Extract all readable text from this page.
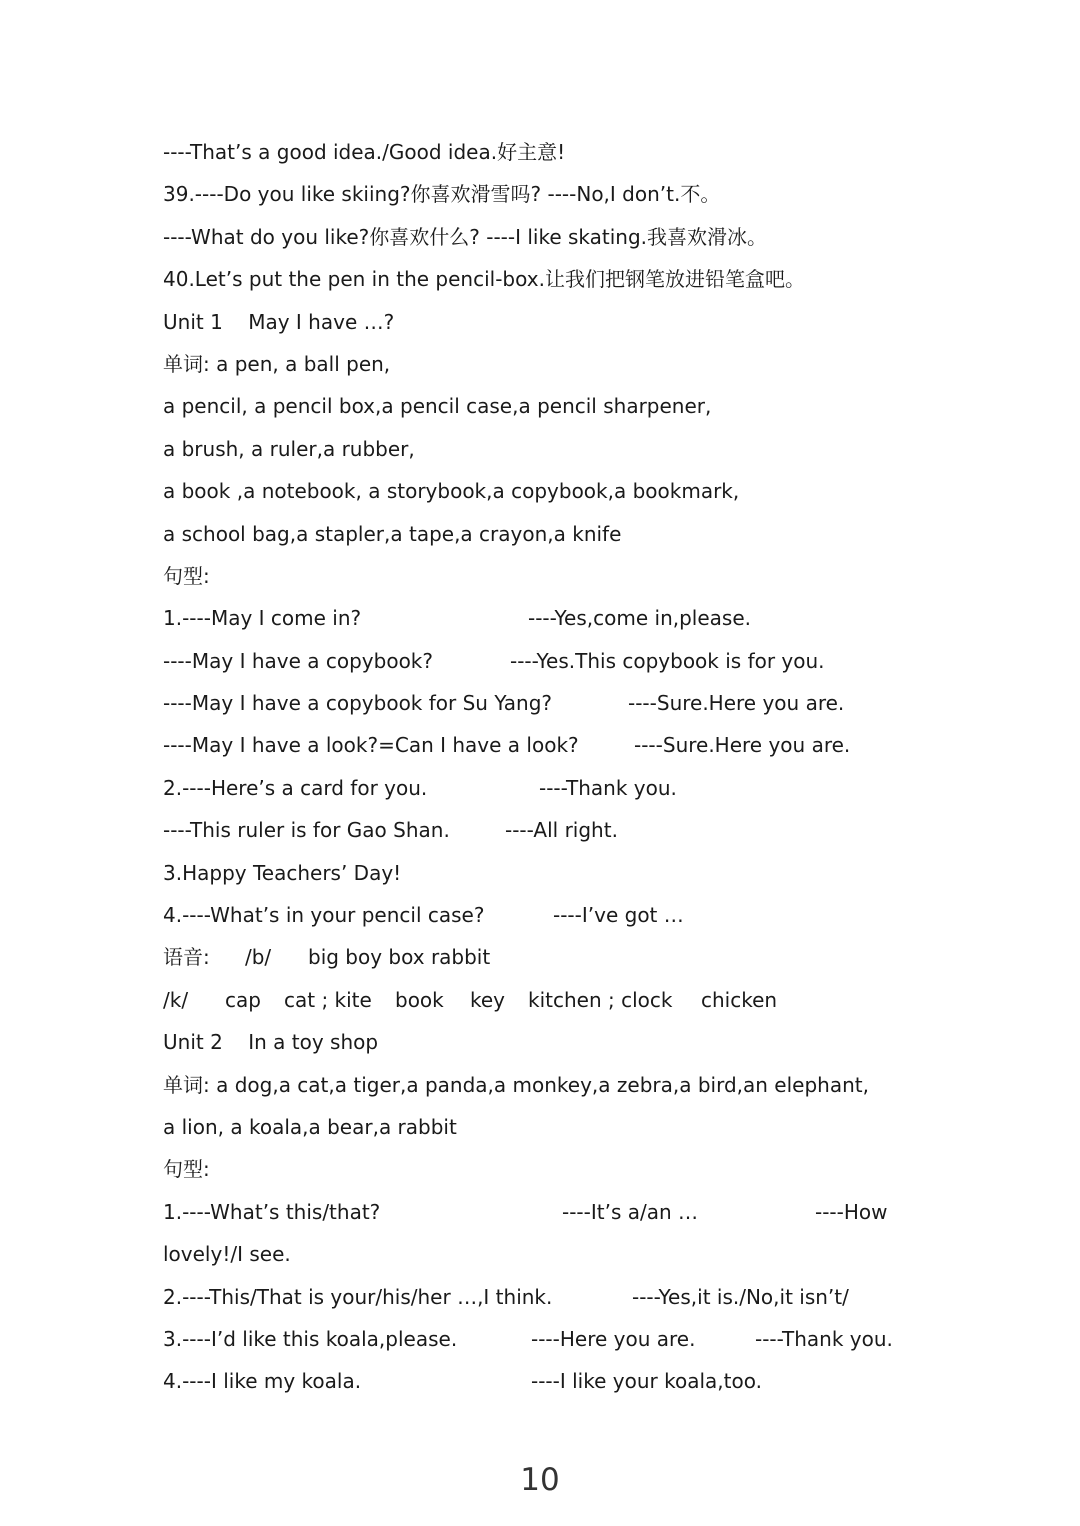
----That’s a good idea./Good idea.好主意!
39.----Do you like skiing?你喜欢滑雪吗? ----No,I don’t.不。
----What do you like?你喜欢什么? ----I like skating.我喜欢滑冰。
40.Let’s put the pen in the pencil-box.让我们把钢笔放进铅笔盒吧。
Unit 1    May I have …?
单词: a pen, a ball pen,
a pencil, a pencil box,a pencil case,a pencil sharpener,
a brush, a ruler,a rubber,
a book ,a notebook, a storybook,a copybook,a bookmark,
a school bag,a stapler,a tape,a crayon,a knife
句型:
1.----May I come in?	----Yes,come in,please.
----May I have a copybook?	----Yes.This copybook is for you.
----May I have a copybook for Su Yang?	----Sure.Here you are.
----May I have a look?=Can I have a look?	----Sure.Here you are.
2.----Here’s a card for you.	----Thank you.
----This ruler is for Gao Shan.	----All right.
3.Happy Teachers’ Day!
4.----What’s in your pencil case?	----I’ve got …
语音: /b/ big boy box rabbit
/k/ cap cat ; kite book key kitchen ; clock chicken
Unit 2    In a toy shop
单词: a dog,a cat,a tiger,a panda,a monkey,a zebra,a bird,an elephant,
a lion, a koala,a bear,a rabbit
句型:
1.----What’s this/that?	----It’s a/an …	----How
lovely!/I see.
2.----This/That is your/his/her …,I think.	----Yes,it is./No,it isn’t/
3.----I’d like this koala,please.	----Here you are.	----Thank you.
4.----I like my koala.	----I like your koala,too.
10
